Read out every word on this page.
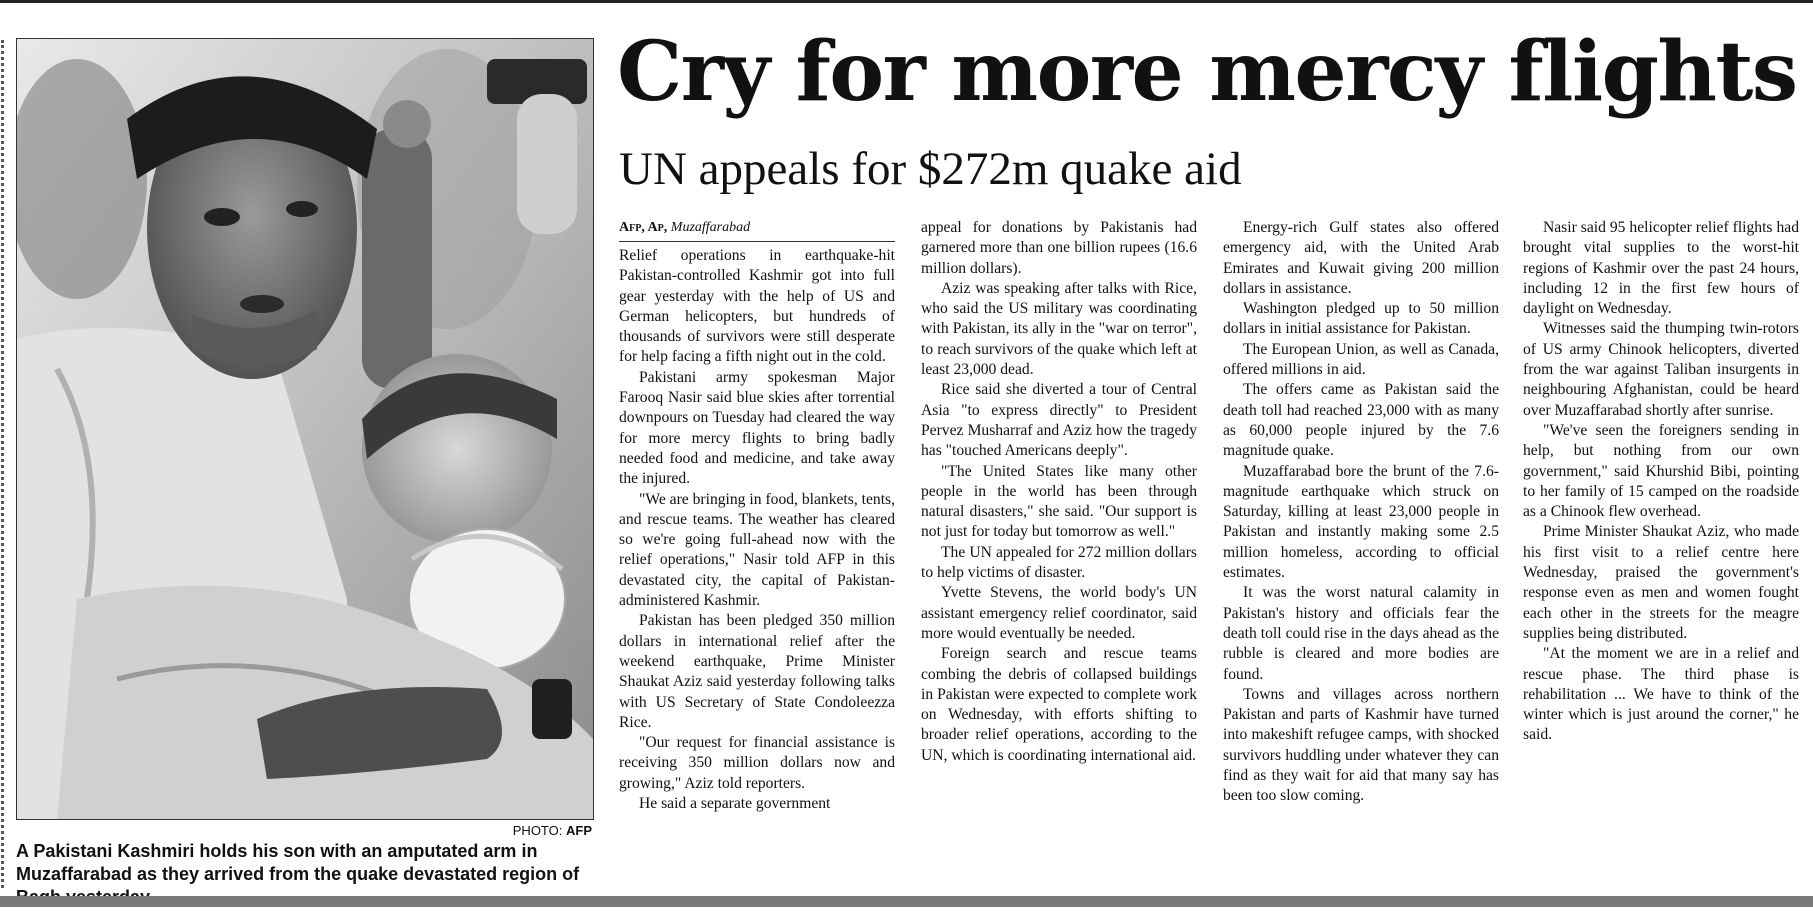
PHOTO: AFP
A Pakistani Kashmiri holds his son with an amputated arm in Muzaffarabad as they arrived from the quake devastated region of
Cry for more mercy flights
UN appeals for $272m quake aid
Afp, Ap, Muzaffarabad

Relief operations in earthquake-hit Pakistan-controlled Kashmir got into full gear yesterday with the help of US and German helicopters, but hundreds of thousands of survivors were still desperate for help facing a fifth night out in the cold.

Pakistani army spokesman Major Farooq Nasir said blue skies after torrential downpours on Tuesday had cleared the way for more mercy flights to bring badly needed food and medicine, and take away the injured.

"We are bringing in food, blankets, tents, and rescue teams. The weather has cleared so we're going full-ahead now with the relief operations," Nasir told AFP in this devastated city, the capital of Pakistan-administered Kashmir.

Pakistan has been pledged 350 million dollars in international relief after the weekend earthquake, Prime Minister Shaukat Aziz said yesterday following talks with US Secretary of State Condoleezza Rice.

"Our request for financial assistance is receiving 350 million dollars now and growing," Aziz told reporters.

He said a separate government

appeal for donations by Pakistanis had garnered more than one billion rupees (16.6 million dollars).

Aziz was speaking after talks with Rice, who said the US military was coordinating with Pakistan, its ally in the "war on terror", to reach survivors of the quake which left at least 23,000 dead.

Rice said she diverted a tour of Central Asia "to express directly" to President Pervez Musharraf and Aziz how the tragedy has "touched Americans deeply".

"The United States like many other people in the world has been through natural disasters," she said. "Our support is not just for today but tomorrow as well."

The UN appealed for 272 million dollars to help victims of disaster.

Yvette Stevens, the world body's UN assistant emergency relief coordinator, said more would eventually be needed.

Foreign search and rescue teams combing the debris of collapsed buildings in Pakistan were expected to complete work on Wednesday, with efforts shifting to broader relief operations, according to the UN, which is coordinating international aid.

Energy-rich Gulf states also offered emergency aid, with the United Arab Emirates and Kuwait giving 200 million dollars in assistance.

Washington pledged up to 50 million dollars in initial assistance for Pakistan.

The European Union, as well as Canada, offered millions in aid.

The offers came as Pakistan said the death toll had reached 23,000 with as many as 60,000 people injured by the 7.6 magnitude quake.

Muzaffarabad bore the brunt of the 7.6-magnitude earthquake which struck on Saturday, killing at least 23,000 people in Pakistan and instantly making some 2.5 million homeless, according to official estimates.

It was the worst natural calamity in Pakistan's history and officials fear the death toll could rise in the days ahead as the rubble is cleared and more bodies are found.

Towns and villages across northern Pakistan and parts of Kashmir have turned into makeshift refugee camps, with shocked survivors huddling under whatever they can find as they wait for aid that many say has been too slow coming.

Nasir said 95 helicopter relief flights had brought vital supplies to the worst-hit regions of Kashmir over the past 24 hours, including 12 in the first few hours of daylight on Wednesday.

Witnesses said the thumping twin-rotors of US army Chinook helicopters, diverted from the war against Taliban insurgents in neighbouring Afghanistan, could be heard over Muzaffarabad shortly after sunrise.

"We've seen the foreigners sending in help, but nothing from our own government," said Khurshid Bibi, pointing to her family of 15 camped on the roadside as a Chinook flew overhead.

Prime Minister Shaukat Aziz, who made his first visit to a relief centre here Wednesday, praised the government's response even as men and women fought each other in the streets for the meagre supplies being distributed.

"At the moment we are in a relief and rescue phase. The third phase is rehabilitation ... We have to think of the winter which is just around the corner," he said.
